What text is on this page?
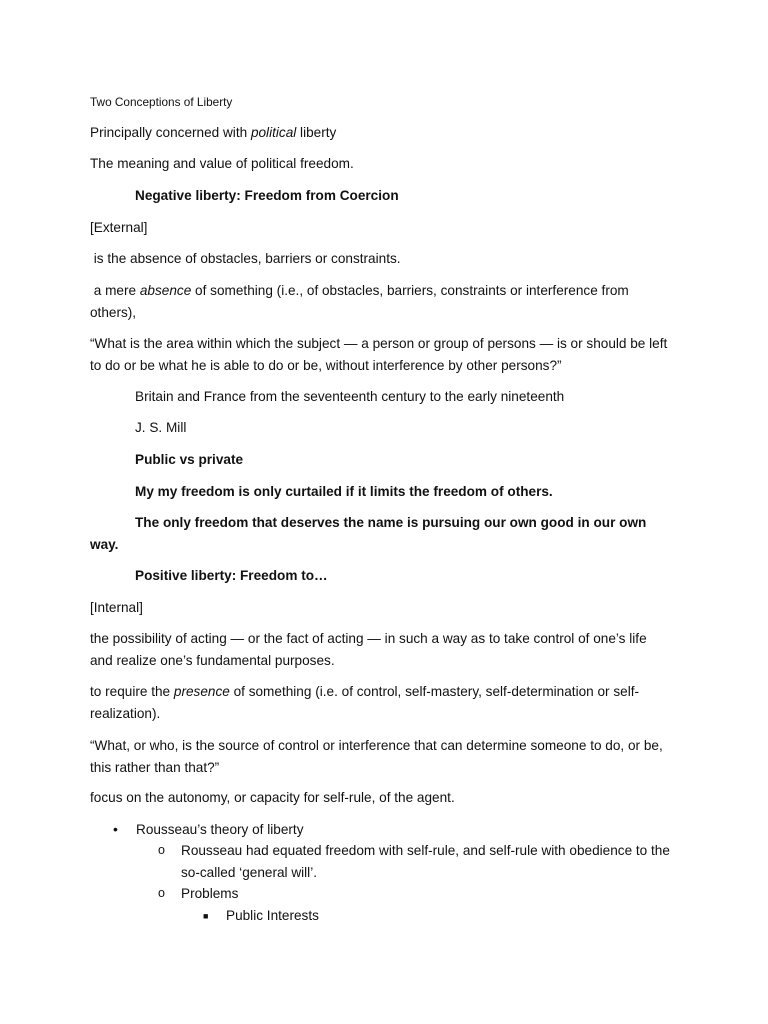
Two Conceptions of Liberty

Principally concerned with political liberty

The meaning and value of political freedom.

Negative liberty: Freedom from Coercion

[External]

is the absence of obstacles, barriers or constraints.

a mere absence of something (i.e., of obstacles, barriers, constraints or interference from others),

“What is the area within which the subject — a person or group of persons — is or should be left to do or be what he is able to do or be, without interference by other persons?”

Britain and France from the seventeenth century to the early nineteenth

J. S. Mill

Public vs private

My my freedom is only curtailed if it limits the freedom of others.

The only freedom that deserves the name is pursuing our own good in our own way.

Positive liberty: Freedom to…

[Internal]

the possibility of acting — or the fact of acting — in such a way as to take control of one’s life and realize one’s fundamental purposes.

to require the presence of something (i.e. of control, self-mastery, self-determination or self-realization).

“What, or who, is the source of control or interference that can determine someone to do, or be, this rather than that?”

focus on the autonomy, or capacity for self-rule, of the agent.

•	Rousseau’s theory of liberty
o	Rousseau had equated freedom with self-rule, and self-rule with obedience to the so-called ‘general will’.
o	Problems
■	Public Interests
